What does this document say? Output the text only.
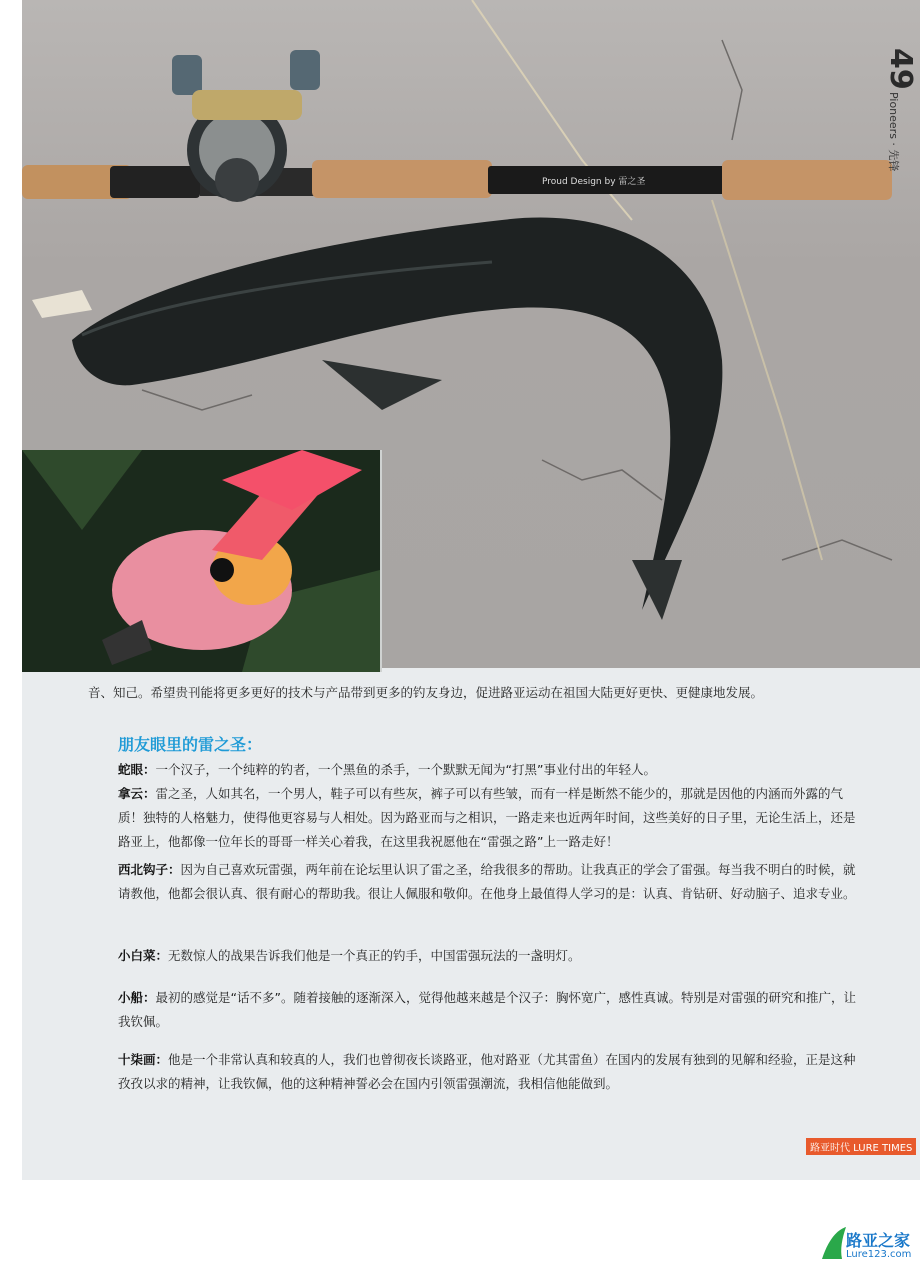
Proud Design by 雷之圣
49
Pioneers · 先锋
音、知己。希望贵刊能将更多更好的技术与产品带到更多的钓友身边，促进路亚运动在祖国大陆更好更快、更健康地发展。
朋友眼里的雷之圣：
蛇眼：一个汉子，一个纯粹的钓者，一个黑鱼的杀手，一个默默无闻为“打黑”事业付出的年轻人。
拿云：雷之圣，人如其名，一个男人，鞋子可以有些灰，裤子可以有些皱，而有一样是断然不能少的，那就是因他的内涵而外露的气质！独特的人格魅力，使得他更容易与人相处。因为路亚而与之相识，一路走来也近两年时间，这些美好的日子里，无论生活上，还是路亚上，他都像一位年长的哥哥一样关心着我，在这里我祝愿他在“雷强之路”上一路走好！
西北钩子：因为自己喜欢玩雷强，两年前在论坛里认识了雷之圣，给我很多的帮助。让我真正的学会了雷强。每当我不明白的时候，就请教他，他都会很认真、很有耐心的帮助我。很让人佩服和敬仰。在他身上最值得人学习的是：认真、肯钻研、好动脑子、追求专业。
小白菜：无数惊人的战果告诉我们他是一个真正的钓手，中国雷强玩法的一盏明灯。
小船：最初的感觉是“话不多”。随着接触的逐渐深入，觉得他越来越是个汉子：胸怀宽广，感性真诚。特别是对雷强的研究和推广，让我钦佩。
十柒画：他是一个非常认真和较真的人，我们也曾彻夜长谈路亚，他对路亚（尤其雷鱼）在国内的发展有独到的见解和经验，正是这种孜孜以求的精神，让我钦佩，他的这种精神誓必会在国内引领雷强潮流，我相信他能做到。
路亚时代 LURE TIMES
路亚之家
Lure123.com
